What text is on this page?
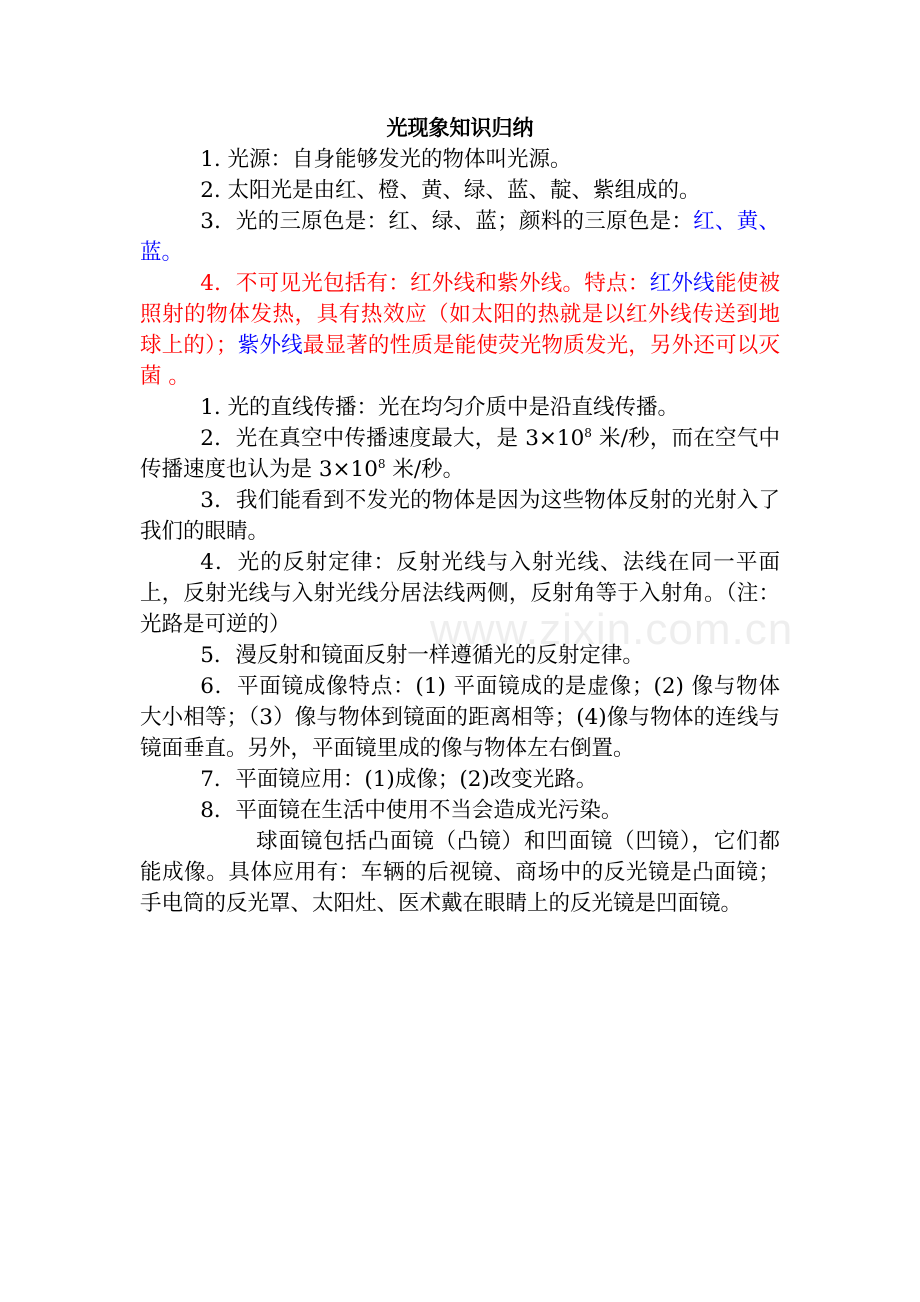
www.zixin.com.cn
光现象知识归纳

1. 光源：自身能够发光的物体叫光源。

2. 太阳光是由红、橙、黄、绿、蓝、靛、紫组成的。

3．光的三原色是：红、绿、蓝；颜料的三原色是：红、黄、蓝。

4．不可见光包括有：红外线和紫外线。特点：红外线能使被照射的物体发热，具有热效应（如太阳的热就是以红外线传送到地球上的）；紫外线最显著的性质是能使荧光物质发光，另外还可以灭菌 。

1. 光的直线传播：光在均匀介质中是沿直线传播。

2．光在真空中传播速度最大，是 $3\times 10^8$ 米/秒，而在空气中传播速度也认为是 $3\times 10^8$ 米/秒。

3．我们能看到不发光的物体是因为这些物体反射的光射入了我们的眼睛。

4．光的反射定律：反射光线与入射光线、法线在同一平面上，反射光线与入射光线分居法线两侧，反射角等于入射角。（注：光路是可逆的）

5．漫反射和镜面反射一样遵循光的反射定律。

6．平面镜成像特点：(1) 平面镜成的是虚像；(2) 像与物体大小相等；（3）像与物体到镜面的距离相等；(4)像与物体的连线与镜面垂直。另外，平面镜里成的像与物体左右倒置。

7．平面镜应用：(1)成像；(2)改变光路。

8．平面镜在生活中使用不当会造成光污染。

球面镜包括凸面镜（凸镜）和凹面镜（凹镜），它们都能成像。具体应用有：车辆的后视镜、商场中的反光镜是凸面镜；手电筒的反光罩、太阳灶、医术戴在眼睛上的反光镜是凹面镜。
